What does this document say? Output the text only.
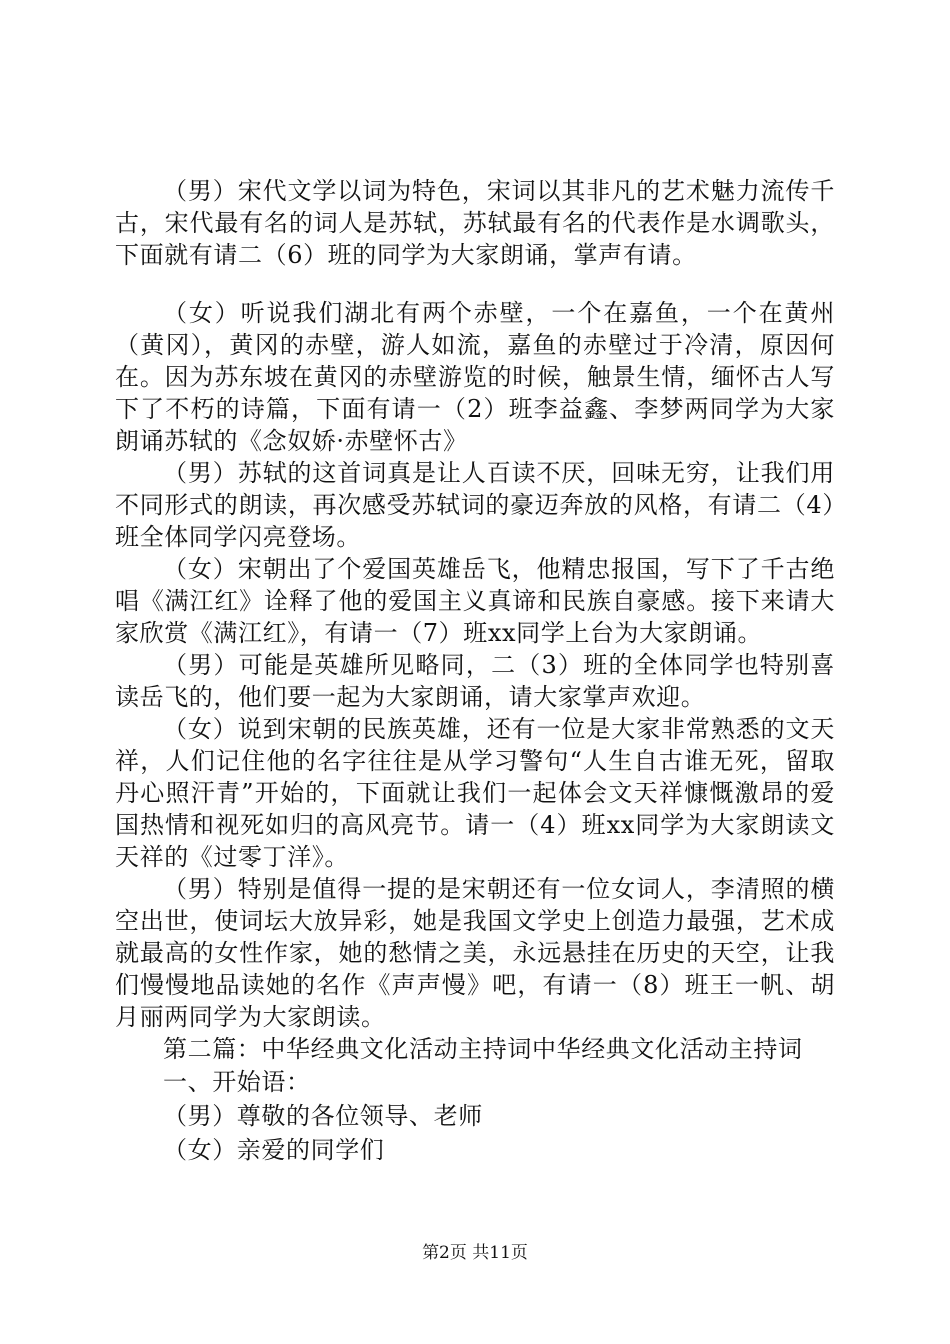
（男）宋代文学以词为特色，宋词以其非凡的艺术魅力流传千古，宋代最有名的词人是苏轼，苏轼最有名的代表作是水调歌头，下面就有请二（6）班的同学为大家朗诵，掌声有请。

（女）听说我们湖北有两个赤壁，一个在嘉鱼，一个在黄州（黄冈），黄冈的赤壁，游人如流，嘉鱼的赤壁过于冷清，原因何在。因为苏东坡在黄冈的赤壁游览的时候，触景生情，缅怀古人写下了不朽的诗篇，下面有请一（2）班李益鑫、李梦两同学为大家朗诵苏轼的《念奴娇·赤壁怀古》

（男）苏轼的这首词真是让人百读不厌，回味无穷，让我们用不同形式的朗读，再次感受苏轼词的豪迈奔放的风格，有请二（4）班全体同学闪亮登场。

（女）宋朝出了个爱国英雄岳飞，他精忠报国，写下了千古绝唱《满江红》诠释了他的爱国主义真谛和民族自豪感。接下来请大家欣赏《满江红》，有请一（7）班xx同学上台为大家朗诵。

（男）可能是英雄所见略同，二（3）班的全体同学也特别喜读岳飞的，他们要一起为大家朗诵，请大家掌声欢迎。

（女）说到宋朝的民族英雄，还有一位是大家非常熟悉的文天祥，人们记住他的名字往往是从学习警句“人生自古谁无死，留取丹心照汗青”开始的，下面就让我们一起体会文天祥慷慨激昂的爱国热情和视死如归的高风亮节。请一（4）班xx同学为大家朗读文天祥的《过零丁洋》。

（男）特别是值得一提的是宋朝还有一位女词人，李清照的横空出世，使词坛大放异彩，她是我国文学史上创造力最强，艺术成就最高的女性作家，她的愁情之美，永远悬挂在历史的天空，让我们慢慢地品读她的名作《声声慢》吧，有请一（8）班王一帆、胡月丽两同学为大家朗读。

第二篇：中华经典文化活动主持词中华经典文化活动主持词

一、开始语：

（男）尊敬的各位领导、老师

（女）亲爱的同学们

第2页 共11页
